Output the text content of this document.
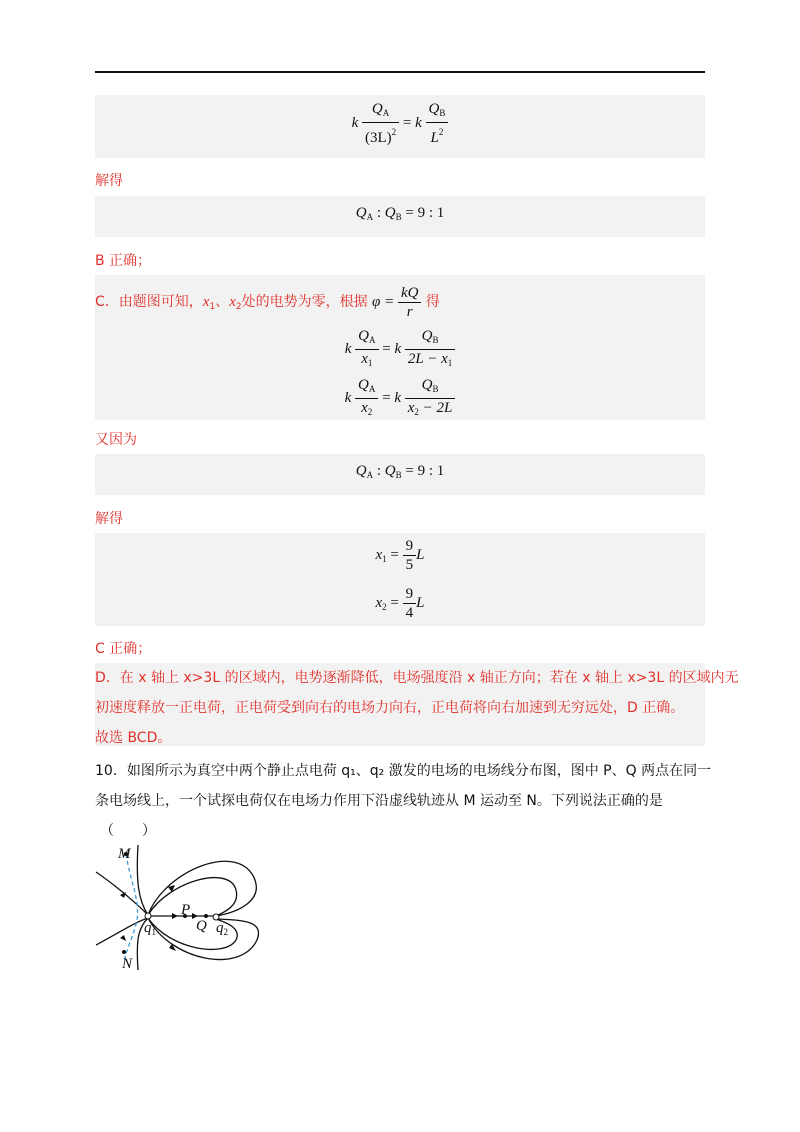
k $\frac{Q_A}{(3L)^2} = k \frac{Q_B}{L^2}$
解得
$Q_A$ : $Q_B = 9$ : 1
B 正确；
C．由题图可知，$x_1$、$x_2$处的电势为零，根据 $\varphi = \frac{kQ}{r}$ 得
k $\frac{Q_A}{x_1} = k \frac{Q_B}{2L - x_1}$
k $\frac{Q_A}{x_2} = k \frac{Q_B}{x_2 - 2L}$
又因为
$Q_A$ : $Q_B = 9$ : 1
解得
$x_1 = \frac{9}{5}$ L
$x_2 = \frac{9}{4}$ L
C 正确；
D．在 x 轴上 x>3L 的区域内，电势逐渐降低，电场强度沿 x 轴正方向；若在 x 轴上 x>3L 的区域内无
初速度释放一正电荷，正电荷受到向右的电场力向右，正电荷将向右加速到无穷远处，D 正确。
故选 BCD。
10．如图所示为真空中两个静止点电荷 q₁、q₂ 激发的电场的电场线分布图，图中 P、Q 两点在同一
条电场线上，一个试探电荷仅在电场力作用下沿虚线轨迹从 M 运动至 N。下列说法正确的是
（　　）
M
N
P
Q
$q_1$	$q_2$
